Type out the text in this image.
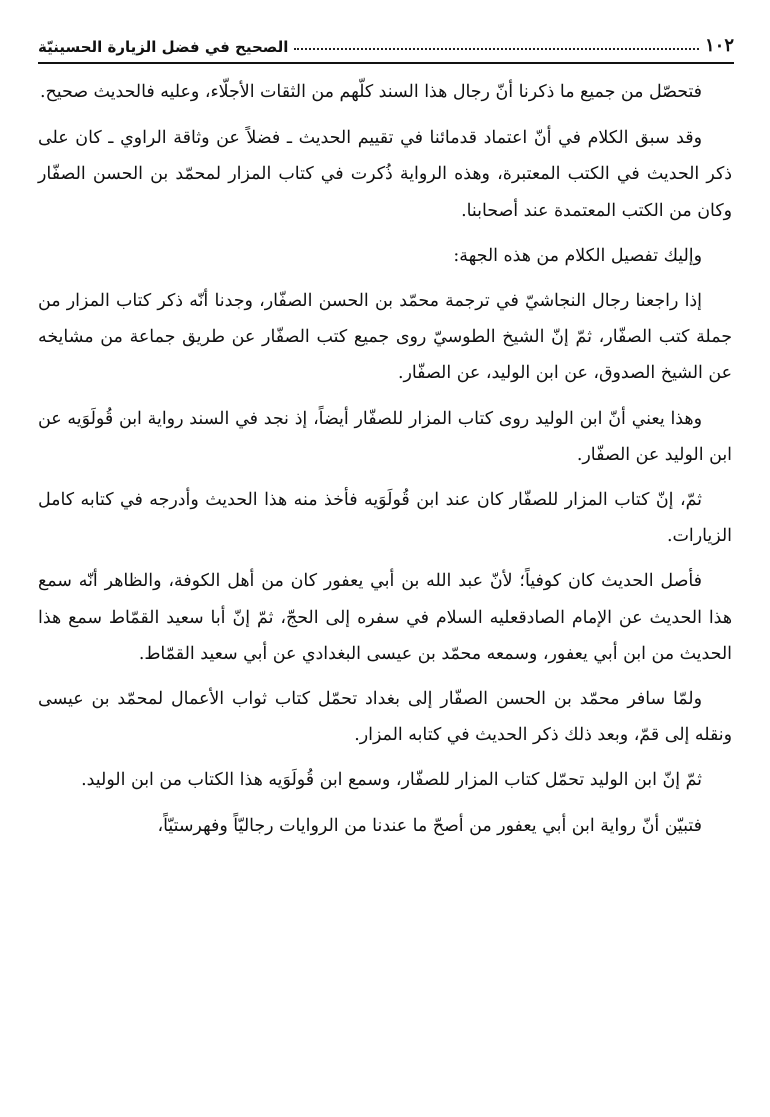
١٠٢
الصحيح في فضل الزيارة الحسينيّة

فتحصّل من جميع ما ذكرنا أنّ رجال هذا السند كلّهم من الثقات الأجلّاء، وعليه فالحديث صحيح.

وقد سبق الكلام في أنّ اعتماد قدمائنا في تقييم الحديث ـ فضلاً عن وثاقة الراوي ـ كان على ذكر الحديث في الكتب المعتبرة، وهذه الرواية ذُكرت في كتاب المزار لمحمّد بن الحسن الصفّار وكان من الكتب المعتمدة عند أصحابنا.

وإليك تفصيل الكلام من هذه الجهة:

إذا راجعنا رجال النجاشيّ في ترجمة محمّد بن الحسن الصفّار، وجدنا أنّه ذكر كتاب المزار من جملة كتب الصفّار، ثمّ إنّ الشيخ الطوسيّ روى جميع كتب الصفّار عن طريق جماعة من مشايخه عن الشيخ الصدوق، عن ابن الوليد، عن الصفّار.

وهذا يعني أنّ ابن الوليد روى كتاب المزار للصفّار أيضاً، إذ نجد في السند رواية ابن قُولَوَيه عن ابن الوليد عن الصفّار.

ثمّ، إنّ كتاب المزار للصفّار كان عند ابن قُولَوَيه فأخذ منه هذا الحديث وأدرجه في كتابه كامل الزيارات.

فأصل الحديث كان كوفياً؛ لأنّ عبد الله بن أبي يعفور كان من أهل الكوفة، والظاهر أنّه سمع هذا الحديث عن الإمام الصادقعليه السلام في سفره إلى الحجّ، ثمّ إنّ أبا سعيد القمّاط سمع هذا الحديث من ابن أبي يعفور، وسمعه محمّد بن عيسى البغدادي عن أبي سعيد القمّاط.

ولمّا سافر محمّد بن الحسن الصفّار إلى بغداد تحمّل كتاب ثواب الأعمال لمحمّد بن عيسى ونقله إلى قمّ، وبعد ذلك ذكر الحديث في كتابه المزار.

ثمّ إنّ ابن الوليد تحمّل كتاب المزار للصفّار، وسمع ابن قُولَوَيه هذا الكتاب من ابن الوليد.

فتبيّن أنّ رواية ابن أبي يعفور من أصحّ ما عندنا من الروايات رجاليّاً وفهرستيّاً،
